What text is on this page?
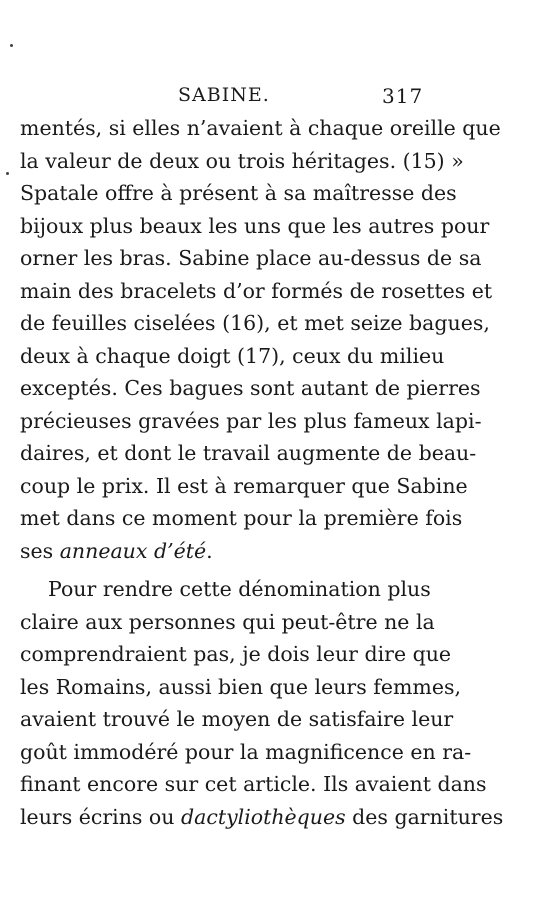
SABINE.	317
mentés, si elles n’avaient à chaque oreille que
la valeur de deux ou trois héritages. (15) »
Spatale offre à présent à sa maîtresse des
bijoux plus beaux les uns que les autres pour
orner les bras. Sabine place au-dessus de sa
main des bracelets d’or formés de rosettes et
de feuilles ciselées (16), et met seize bagues,
deux à chaque doigt (17), ceux du milieu
exceptés. Ces bagues sont autant de pierres
précieuses gravées par les plus fameux lapi-
daires, et dont le travail augmente de beau-
coup le prix. Il est à remarquer que Sabine
met dans ce moment pour la première fois
ses anneaux d’été.
Pour rendre cette dénomination plus
claire aux personnes qui peut-être ne la
comprendraient pas, je dois leur dire que
les Romains, aussi bien que leurs femmes,
avaient trouvé le moyen de satisfaire leur
goût immodéré pour la magnificence en ra-
finant encore sur cet article. Ils avaient dans
leurs écrins ou dactyliothèques des garnitures
